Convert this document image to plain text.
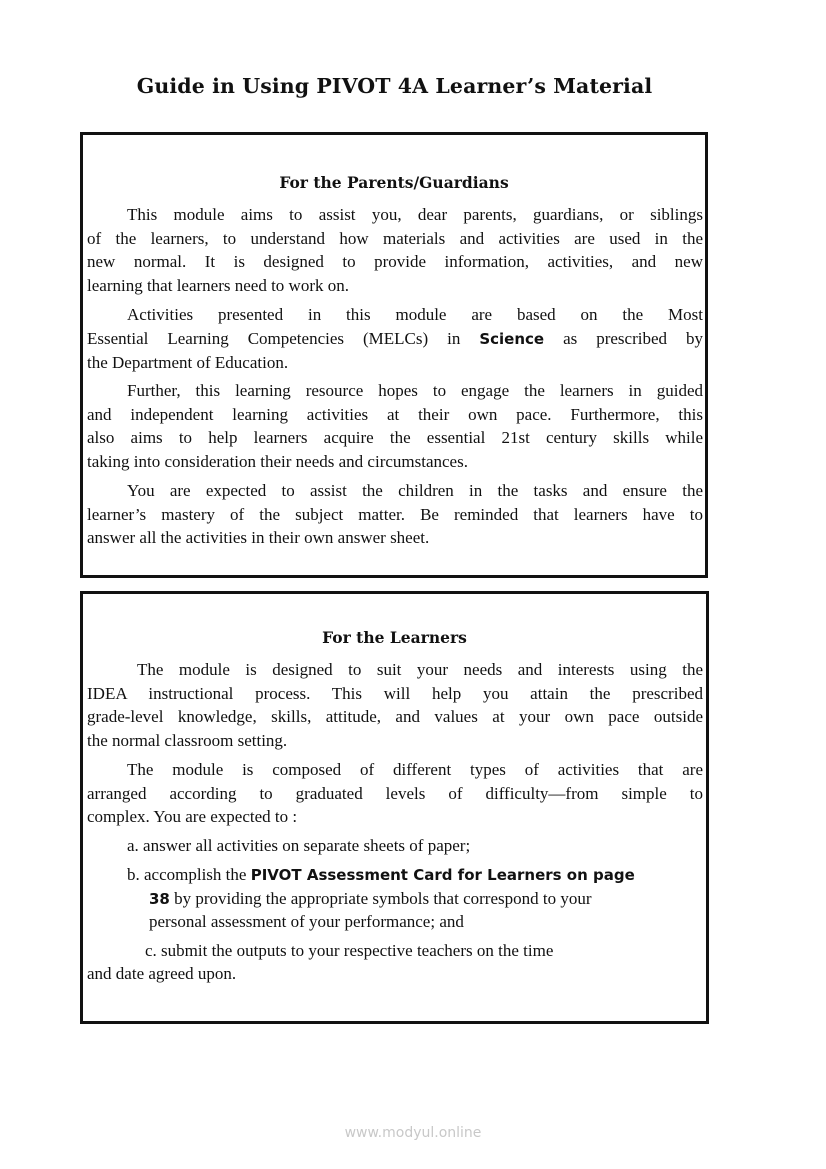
Guide in Using PIVOT 4A Learner’s Material
For the Parents/Guardians
This module aims to assist you, dear parents, guardians, or siblings
of the learners, to understand how materials and activities are used in the
new normal. It is designed to provide information, activities, and new
learning that learners need to work on.
Activities presented in this module are based on the Most
Essential Learning Competencies (MELCs) in Science as prescribed by
the Department of Education.
Further, this learning resource hopes to engage the learners in guided
and independent learning activities at their own pace. Furthermore, this
also aims to help learners acquire the essential 21st century skills while
taking into consideration their needs and circumstances.
You are expected to assist the children in the tasks and ensure the
learner’s mastery of the subject matter. Be reminded that learners have to
answer all the activities in their own answer sheet.
For the Learners
The module is designed to suit your needs and interests using the
IDEA instructional process. This will help you attain the prescribed
grade-level knowledge, skills, attitude, and values at your own pace outside
the normal classroom setting.
The module is composed of different types of activities that are
arranged according to graduated levels of difficulty—from simple to
complex. You are expected to :
a. answer all activities on separate sheets of paper;
b. accomplish the PIVOT Assessment Card for Learners on page
38 by providing the appropriate symbols that correspond to your
personal assessment of your performance; and
c. submit the outputs to your respective teachers on the time
and date agreed upon.
www.modyul.online
